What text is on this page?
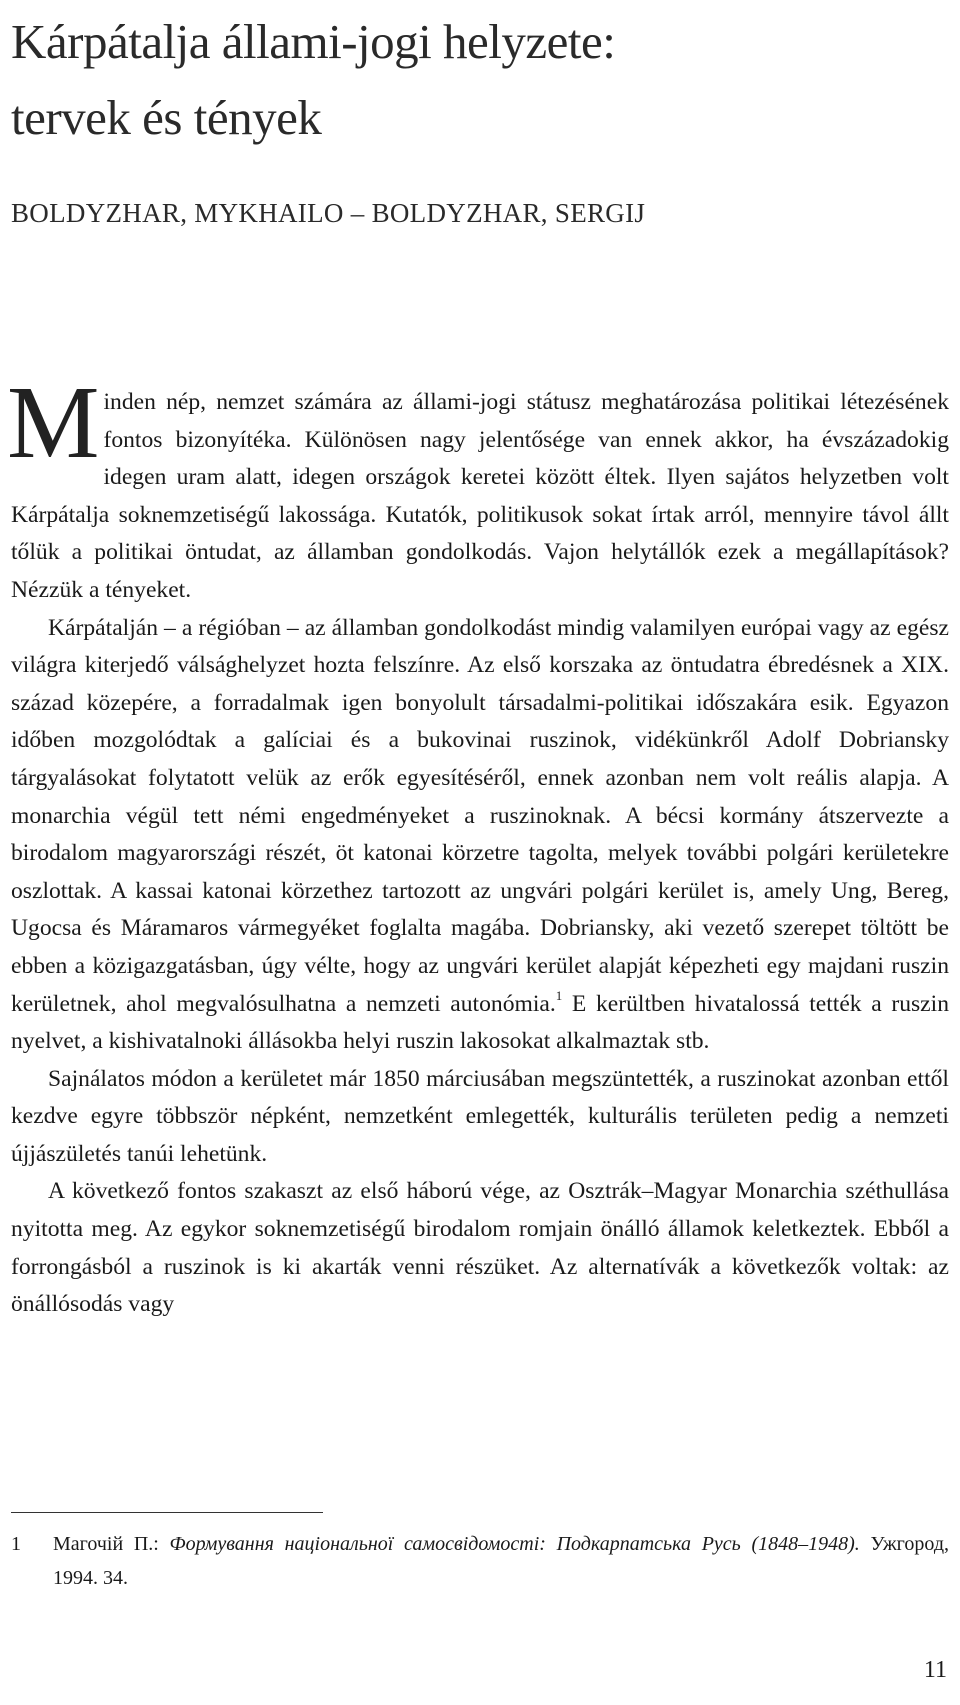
Kárpátalja állami-jogi helyzete:
tervek és tények
BOLDYZHAR, MYKHAILO – BOLDYZHAR, SERGIJ

Minden nép, nemzet számára az állami-jogi státusz meghatározása politikai létezésének fontos bizonyítéka. Különösen nagy jelentősége van ennek akkor, ha évszázadokig idegen uram alatt, idegen országok keretei között éltek. Ilyen sajátos helyzetben volt Kárpátalja soknemzetiségű lakossága. Kutatók, politikusok sokat írtak arról, mennyire távol állt tőlük a politikai öntudat, az államban gondolkodás. Vajon helytállók ezek a megállapítások? Nézzük a tényeket.

Kárpátalján – a régióban – az államban gondolkodást mindig valamilyen európai vagy az egész világra kiterjedő válsághelyzet hozta felszínre. Az első korszaka az öntudatra ébredésnek a XIX. század közepére, a forradalmak igen bonyolult társadalmi-politikai időszakára esik. Egyazon időben mozgolódtak a galíciai és a bukovinai ruszinok, vidékünkről Adolf Dobriansky tárgyalásokat folytatott velük az erők egyesítéséről, ennek azonban nem volt reális alapja. A monarchia végül tett némi engedményeket a ruszinoknak. A bécsi kormány átszervezte a birodalom magyarországi részét, öt katonai körzetre tagolta, melyek további polgári kerületekre oszlottak. A kassai katonai körzethez tartozott az ungvári polgári kerület is, amely Ung, Bereg, Ugocsa és Máramaros vármegyéket foglalta magába. Dobriansky, aki vezető szerepet töltött be ebben a közigazgatásban, úgy vélte, hogy az ungvári kerület alapját képezheti egy majdani ruszin kerületnek, ahol megvalósulhatna a nemzeti autonómia.$^1$ E kerültben hivatalossá tették a ruszin nyelvet, a kishivatalnoki állásokba helyi ruszin lakosokat alkalmaztak stb.

Sajnálatos módon a kerületet már 1850 márciusában megszüntették, a ruszinokat azonban ettől kezdve egyre többször népként, nemzetként emlegették, kulturális területen pedig a nemzeti újjászületés tanúi lehetünk.

A következő fontos szakaszt az első háború vége, az Osztrák–Magyar Monarchia széthullása nyitotta meg. Az egykor soknemzetiségű birodalom romjain önálló államok keletkeztek. Ebből a forrongásból a ruszinok is ki akarták venni részüket. Az alternatívák a következők voltak: az önállósodás vagy

1 Магочій П.: Формування національної самосвідомості: Подкарпатська Русь (1848–1948). Ужгород, 1994. 34.
11
